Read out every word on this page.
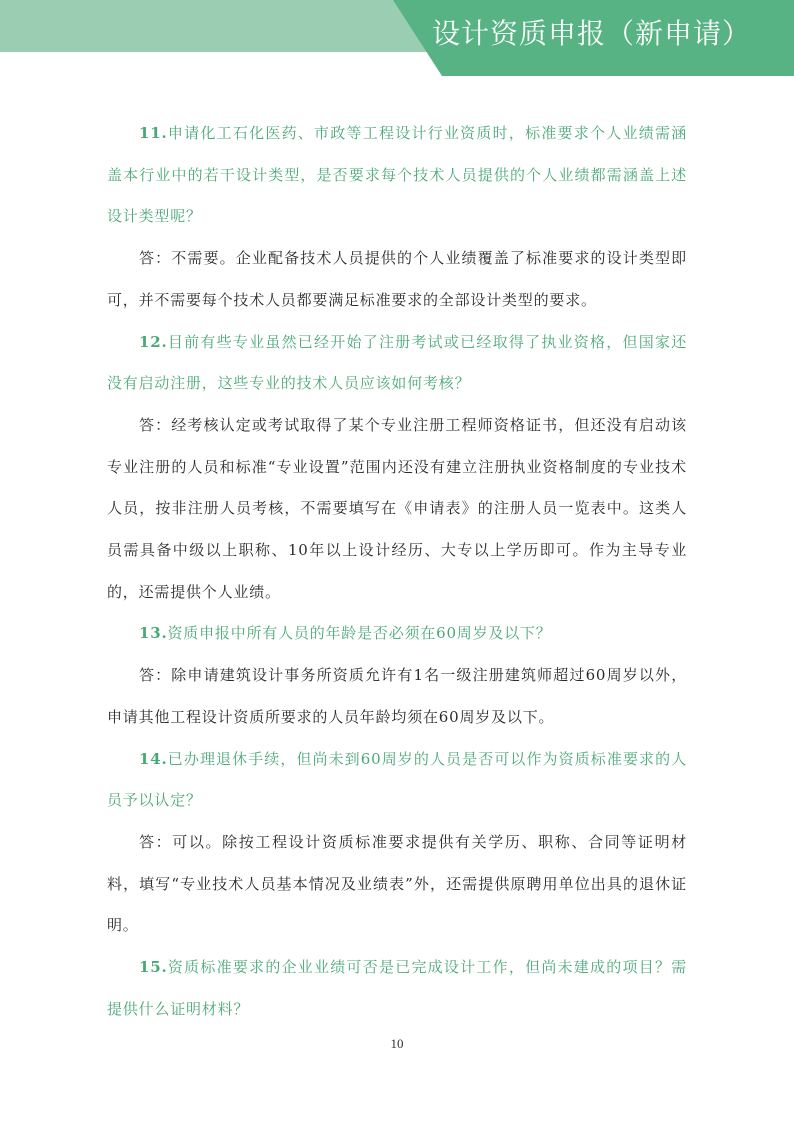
设计资质申报（新申请）

11.申请化工石化医药、市政等工程设计行业资质时，标准要求个人业绩需涵盖本行业中的若干设计类型，是否要求每个技术人员提供的个人业绩都需涵盖上述设计类型呢？

答：不需要。企业配备技术人员提供的个人业绩覆盖了标准要求的设计类型即可，并不需要每个技术人员都要满足标准要求的全部设计类型的要求。

12.目前有些专业虽然已经开始了注册考试或已经取得了执业资格，但国家还没有启动注册，这些专业的技术人员应该如何考核？

答：经考核认定或考试取得了某个专业注册工程师资格证书，但还没有启动该专业注册的人员和标准“专业设置”范围内还没有建立注册执业资格制度的专业技术人员，按非注册人员考核，不需要填写在《申请表》的注册人员一览表中。这类人员需具备中级以上职称、10年以上设计经历、大专以上学历即可。作为主导专业的，还需提供个人业绩。

13.资质申报中所有人员的年龄是否必须在60周岁及以下？

答：除申请建筑设计事务所资质允许有1名一级注册建筑师超过60周岁以外，申请其他工程设计资质所要求的人员年龄均须在60周岁及以下。

14.已办理退休手续，但尚未到60周岁的人员是否可以作为资质标准要求的人员予以认定？

答：可以。除按工程设计资质标准要求提供有关学历、职称、合同等证明材料，填写“专业技术人员基本情况及业绩表”外，还需提供原聘用单位出具的退休证明。

15.资质标准要求的企业业绩可否是已完成设计工作，但尚未建成的项目？需提供什么证明材料？

10
